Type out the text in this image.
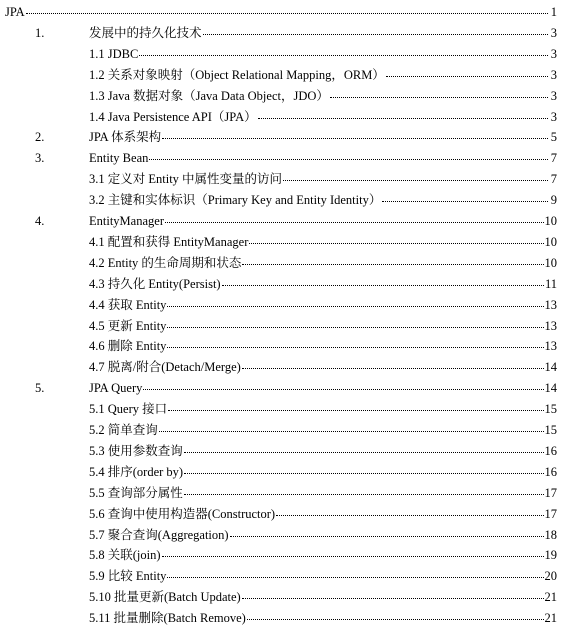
JPA	1
1.	发展中的持久化技术	3
1.1 JDBC	3
1.2 关系对象映射（Object Relational Mapping，ORM）	3
1.3 Java 数据对象（Java Data Object，JDO）	3
1.4 Java Persistence API（JPA）	3
2.	JPA 体系架构	5
3.	Entity Bean	7
3.1 定义对 Entity 中属性变量的访问	7
3.2 主键和实体标识（Primary Key and Entity Identity）	9
4.	EntityManager	10
4.1 配置和获得 EntityManager	10
4.2 Entity 的生命周期和状态	10
4.3 持久化 Entity(Persist)	11
4.4 获取 Entity	13
4.5 更新 Entity	13
4.6 删除 Entity	13
4.7 脱离/附合(Detach/Merge)	14
5.	JPA Query	14
5.1 Query 接口	15
5.2 简单查询	15
5.3 使用参数查询	16
5.4 排序(order by)	16
5.5 查询部分属性	17
5.6 查询中使用构造器(Constructor)	17
5.7 聚合查询(Aggregation)	18
5.8 关联(join)	19
5.9 比较 Entity	20
5.10 批量更新(Batch Update)	21
5.11 批量删除(Batch Remove)	21
